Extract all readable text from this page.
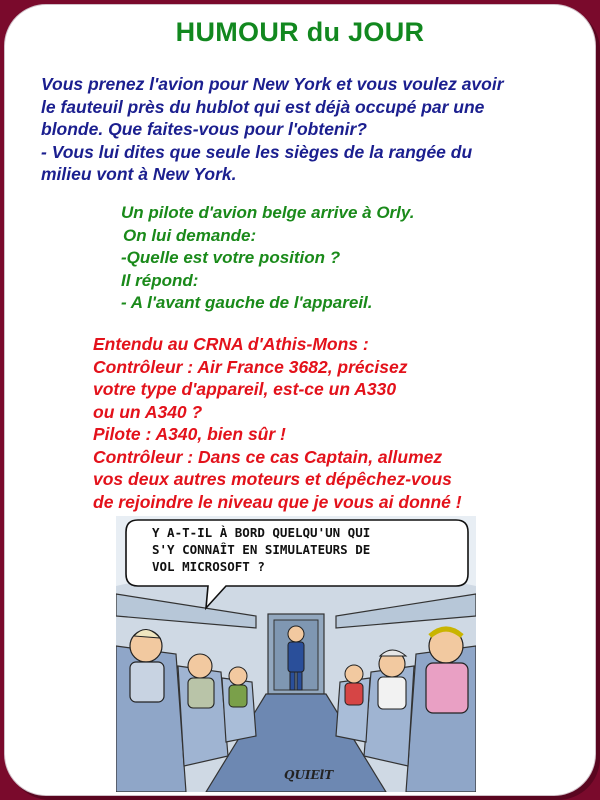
HUMOUR du JOUR
Vous prenez l'avion pour New York et vous voulez avoir
le fauteuil près du hublot qui est déjà occupé par une
blonde. Que faites-vous pour l'obtenir?
- Vous lui dites que seule les sièges de la rangée du
milieu vont à New York.
Un pilote d'avion belge arrive à Orly.
On lui demande:
-Quelle est votre position ?
Il répond:
- A l'avant gauche de l'appareil.
Entendu au CRNA d'Athis-Mons :
Contrôleur : Air France 3682, précisez
votre type d'appareil, est-ce un A330
ou un A340 ?
Pilote : A340, bien sûr !
Contrôleur : Dans ce cas Captain, allumez
vos deux autres moteurs et dépêchez-vous
de rejoindre le niveau que je vous ai donné !
Y A-T-IL À BORD QUELQU'UN QUI
S'Y CONNAÎT EN SIMULATEURS DE
VOL MICROSOFT ?
QUIElT
